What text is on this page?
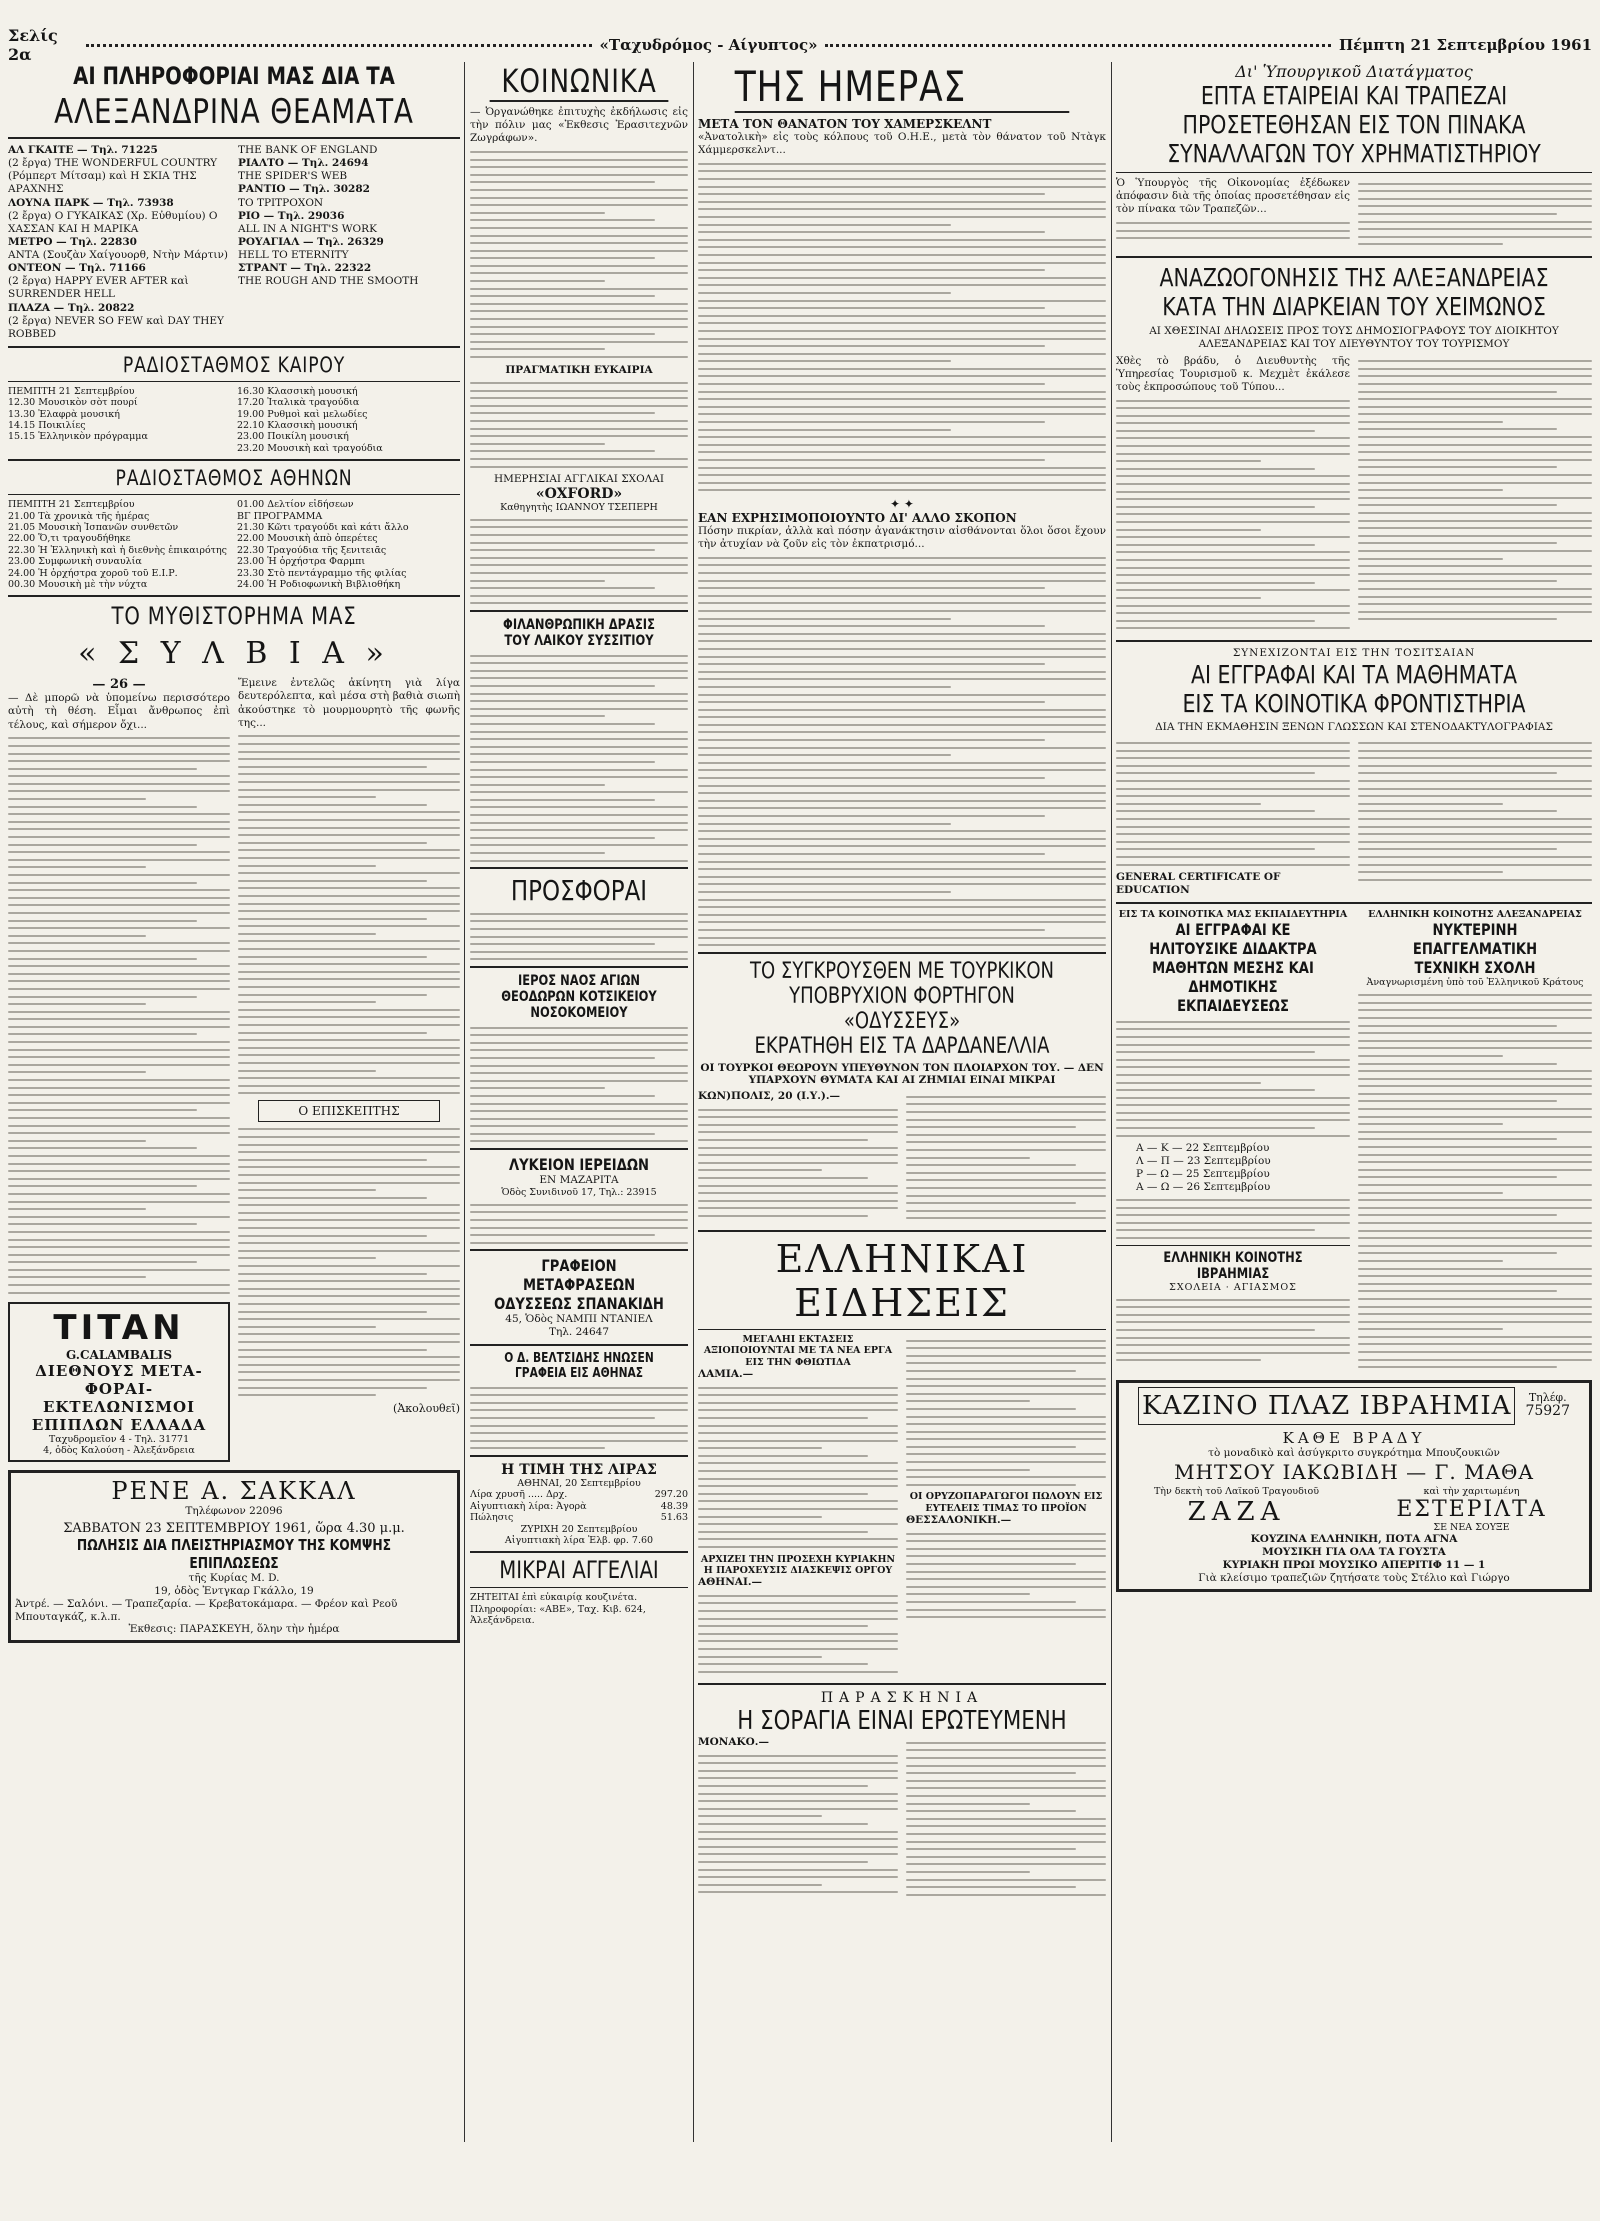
Σελίς 2α	«Ταχυδρόμος - Αίγυπτος»	Πέμπτη 21 Σεπτεμβρίου 1961
ΑΙ ΠΛΗΡΟΦΟΡΙΑΙ ΜΑΣ ΔΙΑ ΤΑ
ΑΛΕΞΑΝΔΡΙΝΑ ΘΕΑΜΑΤΑ
ΑΛ ΓΚΑΙΤΕ — Τηλ. 71225
(2 ἔργα) THE WONDERFUL COUNTRY (Ρόμπερτ Μίτσαμ) καὶ Η ΣΚΙΑ ΤΗΣ ΑΡΑΧΝΗΣ
ΛΟΥΝΑ ΠΑΡΚ — Τηλ. 73938
(2 ἔργα) Ο ΓΥΚΑΙΚΑΣ (Χρ. Εὐθυμίου) Ο ΧΑΣΣΑΝ ΚΑΙ Η ΜΑΡΙΚΑ
ΜΕΤΡΟ — Τηλ. 22830
ΑΝΤΑ (Σουζὰν Χαίγουορθ, Ντὴν Μάρτιν)
ΟΝΤΕΟΝ — Τηλ. 71166
(2 ἔργα) HAPPY EVER AFTER καὶ SURRENDER HELL
ΠΛΑΖΑ — Τηλ. 20822
(2 ἔργα) NEVER SO FEW καὶ DAY THEY ROBBED
THE BANK OF ENGLAND
ΡΙΑΛΤΟ — Τηλ. 24694
THE SPIDER'S WEB
ΡΑΝΤΙΟ — Τηλ. 30282
ΤΟ ΤΡΙΤΡΟΧΟΝ
ΡΙΟ — Τηλ. 29036
ALL IN A NIGHT'S WORK
ΡΟΥΑΓΙΑΛ — Τηλ. 26329
HELL TO ETERNITY
ΣΤΡΑΝΤ — Τηλ. 22322
THE ROUGH AND THE SMOOTH
ΡΑΔΙΟΣΤΑΘΜΟΣ ΚΑΙΡΟΥ
ΠΕΜΠΤΗ 21 Σεπτεμβρίου
12.30 Μουσικὸν σὸτ πουρί
13.30 Ἐλαφρὰ μουσική
14.15 Ποικιλίες
15.15 Ἑλληνικὸν πρόγραμμα
16.30 Κλασσικὴ μουσική
17.20 Ἰταλικὰ τραγούδια
19.00 Ρυθμοὶ καὶ μελωδίες
22.10 Κλασσικὴ μουσική
23.00 Ποικίλη μουσική
23.20 Μουσικὴ καὶ τραγούδια
ΡΑΔΙΟΣΤΑΘΜΟΣ ΑΘΗΝΩΝ
ΠΕΜΠΤΗ 21 Σεπτεμβρίου
21.00 Τὰ χρονικὰ τῆς ἡμέρας
21.05 Μουσικὴ Ἰσπανῶν συνθετῶν
22.00 Ὅ,τι τραγουδήθηκε
22.30 Ἡ Ἑλληνικὴ καὶ ἡ διεθνὴς ἐπικαιρότης
23.00 Συμφωνικὴ συναυλία
24.00 Ἡ ὀρχήστρα χοροῦ τοῦ Ε.Ι.Ρ.
00.30 Μουσικὴ μὲ τὴν νύχτα
01.00 Δελτίον εἰδήσεων
ΒΓ ΠΡΟΓΡΑΜΜΑ
21.30 Κῶτι τραγούδι καὶ κάτι ἄλλο
22.00 Μουσικὴ ἀπὸ ὀπερέτες
22.30 Τραγούδια τῆς ξενιτειᾶς
23.00 Ἡ ὀρχήστρα Φαρμπι
23.30 Στὸ πεντάγραμμο τῆς φιλίας
24.00 Ἡ Ροδιοφωνικὴ Βιβλιοθήκη
ΤΟ ΜΥΘΙΣΤΟΡΗΜΑ ΜΑΣ
« Σ Υ Λ Β Ι Α »
— 26 —
— Δὲ μπορῶ νὰ ὑπομείνω περισσότερο αὐτὴ τὴ θέση. Εἶμαι ἄνθρωπος ἐπὶ τέλους, καὶ σήμερον ὄχι...
TITAN
G.CALAMBALIS
ΔΙΕΘΝΟΥΣ ΜΕΤΑ-
ΦΟΡΑΙ-ΕΚΤΕΛΩΝΙΣΜΟΙ
ΕΠΙΠΛΩΝ ΕΛΛΑΔΑ
Ταχυδρομεῖον 4 - Τηλ. 31771
4, ὁδὸς Καλούση - Ἀλεξάνδρεια
Ἔμεινε ἐντελῶς ἀκίνητη γιὰ λίγα δευτερόλεπτα, καὶ μέσα στὴ βαθιὰ σιωπὴ ἀκούστηκε τὸ μουρμουρητὸ τῆς φωνῆς της...
Ο ΕΠΙΣΚΕΠΤΗΣ
(Ἀκολουθεῖ)
ΡΕΝΕ Α. ΣΑΚΚΑΛ
Τηλέφωνον 22096
ΣΑΒΒΑΤΟΝ 23 ΣΕΠΤΕΜΒΡΙΟΥ 1961, ὥρα 4.30 μ.μ.
ΠΩΛΗΣΙΣ ΔΙΑ ΠΛΕΙΣΤΗΡΙΑΣΜΟΥ ΤΗΣ ΚΟΜΨΗΣ ΕΠΙΠΛΩΣΕΩΣ
τῆς Κυρίας Μ. D.
19, ὁδὸς Ἐντγκαρ Γκάλλο, 19
Ἀντρέ. — Σαλόνι. — Τραπεζαρία. — Κρεβατοκάμαρα. — Φρέον καὶ Ρεοῦ Μπουταγκάζ, κ.λ.π.
Ἐκθεσις: ΠΑΡΑΣΚΕΥΗ, ὅλην τὴν ἡμέρα
ΚΟΙΝΩΝΙΚΑ
— Ὀργανώθηκε ἐπιτυχὴς ἐκδήλωσις εἰς τὴν πόλιν μας «Ἐκθεσις Ἐρασιτεχνῶν Ζωγράφων».
ΠΡΑΓΜΑΤΙΚΗ ΕΥΚΑΙΡΙΑ
ΗΜΕΡΗΣΙΑΙ ΑΓΓΛΙΚΑΙ ΣΧΟΛΑΙ
«OXFORD»
Καθηγητὴς ΙΩΑΝΝΟΥ ΤΣΕΠΕΡΗ
ΦΙΛΑΝΘΡΩΠΙΚΗ ΔΡΑΣΙΣ ΤΟΥ ΛΑΙΚΟΥ ΣΥΣΣΙΤΙΟΥ
ΠΡΟΣΦΟΡΑΙ
ΙΕΡΟΣ ΝΑΟΣ ΑΓΙΩΝ ΘΕΟΔΩΡΩΝ ΚΟΤΣΙΚΕΙΟΥ ΝΟΣΟΚΟΜΕΙΟΥ
ΛΥΚΕΙΟΝ ΙΕΡΕΙΔΩΝ
ΕΝ ΜΑΖΑΡΙΤΑ
Ὁδὸς Συνιδινοῦ 17, Τηλ.: 23915
ΓΡΑΦΕΙΟΝ ΜΕΤΑΦΡΑΣΕΩΝ ΟΔΥΣΣΕΩΣ ΣΠΑΝΑΚΙΔΗ
45, Ὁδὸς ΝΑΜΠΙ ΝΤΑΝΙΕΛ
Τηλ. 24647
Ο Δ. ΒΕΛΤΣΙΔΗΣ ΗΝΩΣΕΝ ΓΡΑΦΕΙΑ ΕΙΣ ΑΘΗΝΑΣ
Η ΤΙΜΗ ΤΗΣ ΛΙΡΑΣ
ΑΘΗΝΑΙ, 20 Σεπτεμβρίου
Λίρα χρυσῆ ..... Δρχ.	297.20
Αἰγυπτιακὴ λίρα: Ἀγορὰ	48.39
Πώλησις	51.63
ΖΥΡΙΧΗ 20 Σεπτεμβρίου
Αἰγυπτιακὴ λίρα Ἐλβ. φρ. 7.60
ΜΙΚΡΑΙ ΑΓΓΕΛΙΑΙ
ΖΗΤΕΙΤΑΙ ἐπὶ εὐκαιρίᾳ κουζινέτα. Πληροφορίαι: «ΑΒΕ», Ταχ. Κιβ. 624, Ἀλεξάνδρεια.
ΤΗΣ ΗΜΕΡΑΣ
ΜΕΤΑ ΤΟΝ ΘΑΝΑΤΟΝ ΤΟΥ ΧΑΜΕΡΣΚΕΛΝΤ
«Ἀνατολικὴ» εἰς τοὺς κόλπους τοῦ Ο.Η.Ε., μετὰ τὸν θάνατον τοῦ Ντὰγκ Χάμμερσκελντ...
✦ ✦
ΕΑΝ ΕΧΡΗΣΙΜΟΠΟΙΟΥΝΤΟ ΔΙ' ΑΛΛΟ ΣΚΟΠΟΝ
Πόσην πικρίαν, ἀλλὰ καὶ πόσην ἀγανάκτησιν αἰσθάνονται ὅλοι ὅσοι ἔχουν τὴν ἀτυχίαν νὰ ζοῦν εἰς τὸν ἐκπατρισμό...
ΤΟ ΣΥΓΚΡΟΥΣΘΕΝ ΜΕ ΤΟΥΡΚΙΚΟΝ
ΥΠΟΒΡΥΧΙΟΝ ΦΟΡΤΗΓΟΝ «ΟΔΥΣΣΕΥΣ»
ΕΚΡΑΤΗΘΗ ΕΙΣ ΤΑ ΔΑΡΔΑΝΕΛΛΙΑ
ΟΙ ΤΟΥΡΚΟΙ ΘΕΩΡΟΥΝ ΥΠΕΥΘΥΝΟΝ ΤΟΝ ΠΛΟΙΑΡΧΟΝ ΤΟΥ. — ΔΕΝ ΥΠΑΡΧΟΥΝ ΘΥΜΑΤΑ ΚΑΙ ΑΙ ΖΗΜΙΑΙ ΕΙΝΑΙ ΜΙΚΡΑΙ
ΚΩΝ)ΠΟΛΙΣ, 20 (Ι.Υ.).—
ΕΛΛΗΝΙΚΑΙ ΕΙΔΗΣΕΙΣ
ΜΕΓΑΛΗΙ ΕΚΤΑΣΕΙΣ ΑΞΙΟΠΟΙΟΥΝΤΑΙ ΜΕ ΤΑ ΝΕΑ ΕΡΓΑ ΕΙΣ ΤΗΝ ΦΘΙΩΤΙΔΑ
ΛΑΜΙΑ.—
ΑΡΧΙΖΕΙ ΤΗΝ ΠΡΟΣΕΧΗ ΚΥΡΙΑΚΗΝ Η ΠΑΡΟΧΕΥΣΙΣ ΔΙΑΣΚΕΨΙΣ ΟΡΓΟΥ
ΑΘΗΝΑΙ.—
ΟΙ ΟΡΥΖΟΠΑΡΑΓΩΓΟΙ ΠΩΛΟΥΝ ΕΙΣ ΕΥΤΕΛΕΙΣ ΤΙΜΑΣ ΤΟ ΠΡΟΪΟΝ
ΘΕΣΣΑΛΟΝΙΚΗ.—
ΠΑΡΑΣΚΗΝΙΑ
Η ΣΟΡΑΓΙΑ ΕΙΝΑΙ ΕΡΩΤΕΥΜΕΝΗ
ΜΟΝΑΚΟ.—
Δι' Ὑπουργικοῦ Διατάγματος
ΕΠΤΑ ΕΤΑΙΡΕΙΑΙ ΚΑΙ ΤΡΑΠΕΖΑΙ
ΠΡΟΣΕΤΕΘΗΣΑΝ ΕΙΣ ΤΟΝ ΠΙΝΑΚΑ
ΣΥΝΑΛΛΑΓΩΝ ΤΟΥ ΧΡΗΜΑΤΙΣΤΗΡΙΟΥ
Ὁ Ὑπουργὸς τῆς Οἰκονομίας ἐξέδωκεν ἀπόφασιν διὰ τῆς ὁποίας προσετέθησαν εἰς τὸν πίνακα τῶν Τραπεζῶν...
ΑΝΑΖΩΟΓΟΝΗΣΙΣ ΤΗΣ ΑΛΕΞΑΝΔΡΕΙΑΣ
ΚΑΤΑ ΤΗΝ ΔΙΑΡΚΕΙΑΝ ΤΟΥ ΧΕΙΜΩΝΟΣ
ΑΙ ΧΘΕΣΙΝΑΙ ΔΗΛΩΣΕΙΣ ΠΡΟΣ ΤΟΥΣ ΔΗΜΟΣΙΟΓΡΑΦΟΥΣ ΤΟΥ ΔΙΟΙΚΗΤΟΥ ΑΛΕΞΑΝΔΡΕΙΑΣ ΚΑΙ ΤΟΥ ΔΙΕΥΘΥΝΤΟΥ ΤΟΥ ΤΟΥΡΙΣΜΟΥ
Χθὲς τὸ βράδυ, ὁ Διευθυντὴς τῆς Ὑπηρεσίας Τουρισμοῦ κ. Μεχμὲτ ἐκάλεσε τοὺς ἐκπροσώπους τοῦ Τύπου...
ΣΥΝΕΧΙΖΟΝΤΑΙ ΕΙΣ ΤΗΝ ΤΟΣΙΤΣΑΙΑΝ
ΑΙ ΕΓΓΡΑΦΑΙ ΚΑΙ ΤΑ ΜΑΘΗΜΑΤΑ
ΕΙΣ ΤΑ ΚΟΙΝΟΤΙΚΑ ΦΡΟΝΤΙΣΤΗΡΙΑ
ΔΙΑ ΤΗΝ ΕΚΜΑΘΗΣΙΝ ΞΕΝΩΝ ΓΛΩΣΣΩΝ ΚΑΙ ΣΤΕΝΟΔΑΚΤΥΛΟΓΡΑΦΙΑΣ
GENERAL CERTIFICATE OF EDUCATION
ΕΙΣ ΤΑ ΚΟΙΝΟΤΙΚΑ ΜΑΣ ΕΚΠΑΙΔΕΥΤΗΡΙΑ
ΑΙ ΕΓΓΡΑΦΑΙ ΚΕ ΗΛΙΤΟΥΣΙΚΕ ΔΙΔΑΚΤΡΑ ΜΑΘΗΤΩΝ ΜΕΣΗΣ ΚΑΙ ΔΗΜΟΤΙΚΗΣ ΕΚΠΑΙΔΕΥΣΕΩΣ
Α — Κ — 22 Σεπτεμβρίου
Λ — Π — 23 Σεπτεμβρίου
Ρ — Ω — 25 Σεπτεμβρίου
Α — Ω — 26 Σεπτεμβρίου
ΕΛΛΗΝΙΚΗ ΚΟΙΝΟΤΗΣ ΙΒΡΑΗΜΙΑΣ
ΣΧΟΛΕΙΑ · ΑΓΙΑΣΜΟΣ
ΕΛΛΗΝΙΚΗ ΚΟΙΝΟΤΗΣ ΑΛΕΞΑΝΔΡΕΙΑΣ
ΝΥΚΤΕΡΙΝΗ ΕΠΑΓΓΕΛΜΑΤΙΚΗ ΤΕΧΝΙΚΗ ΣΧΟΛΗ
Ἀναγνωρισμένη ὑπὸ τοῦ Ἑλληνικοῦ Κράτους
ΚΑΖΙΝΟ ΠΛΑΖ ΙΒΡΑΗΜΙΑ	Τηλέφ.
75927
ΚΑΘΕ ΒΡΑΔΥ
τὸ μοναδικὸ καὶ ἀσύγκριτο συγκρότημα Μπουζουκιῶν
ΜΗΤΣΟΥ ΙΑΚΩΒΙΔΗ — Γ. ΜΑΘΑ
Τὴν δεκτὴ τοῦ Λαϊκοῦ Τραγουδιοῦ
ΖΑΖΑ
καὶ τὴν χαριτωμένη
ΕΣΤΕΡΙΛΤΑ
ΣΕ ΝΕΑ ΣΟΥΞΕ
ΚΟΥΖΙΝΑ ΕΛΛΗΝΙΚΗ, ΠΟΤΑ ΑΓΝΑ
ΜΟΥΣΙΚΗ ΓΙΑ ΟΛΑ ΤΑ ΓΟΥΣΤΑ
ΚΥΡΙΑΚΗ ΠΡΩΙ ΜΟΥΣΙΚΟ ΑΠΕΡΙΤΙΦ 11 — 1
Γιὰ κλείσιμο τραπεζιῶν ζητήσατε τοὺς Στέλιο καὶ Γιώργο
